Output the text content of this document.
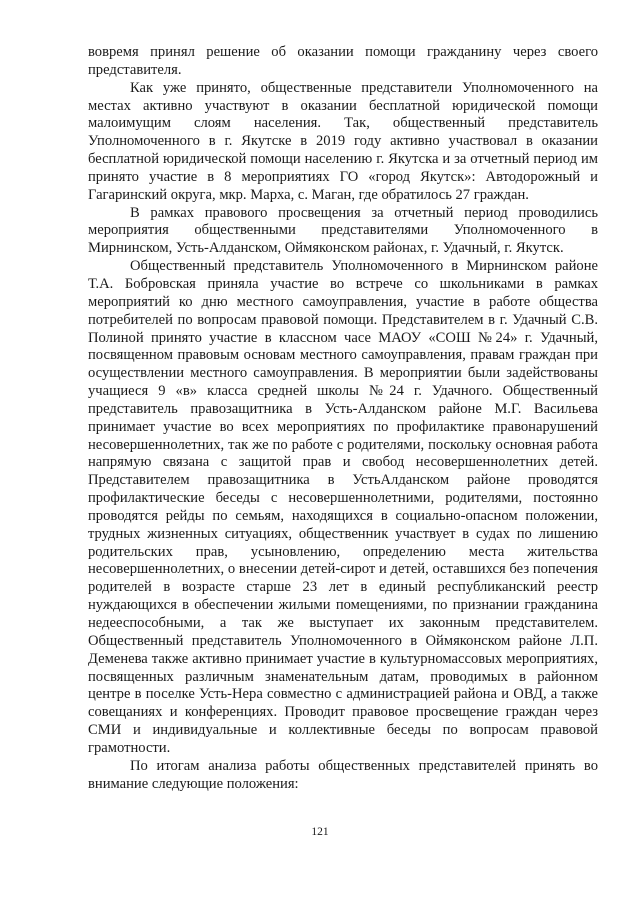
вовремя принял решение об оказании помощи гражданину через своего представителя.

Как уже принято, общественные представители Уполномоченного на местах активно участвуют в оказании бесплатной юридической помощи малоимущим слоям населения. Так, общественный представитель Уполномоченного в г. Якутске в 2019 году активно участвовал в оказании бесплатной юридической помощи населению г. Якутска и за отчетный период им принято участие в 8 мероприятиях ГО «город Якутск»: Автодорожный и Гагаринский округа, мкр. Марха, с. Маган, где обратилось 27 граждан.

В рамках правового просвещения за отчетный период проводились мероприятия общественными представителями Уполномоченного в Мирнинском, Усть-Алданском, Оймяконском районах, г. Удачный, г. Якутск.

Общественный представитель Уполномоченного в Мирнинском районе Т.А. Бобровская приняла участие во встрече со школьниками в рамках мероприятий ко дню местного самоуправления, участие в работе общества потребителей по вопросам правовой помощи. Представителем в г. Удачный С.В. Полиной принято участие в классном часе МАОУ «СОШ №24» г. Удачный, посвященном правовым основам местного самоуправления, правам граждан при осуществлении местного самоуправления. В мероприятии были задействованы учащиеся 9 «в» класса средней школы №24 г. Удачного. Общественный представитель правозащитника в Усть-Алданском районе М.Г. Васильева принимает участие во всех мероприятиях по профилактике правонарушений несовершеннолетних, так же по работе с родителями, поскольку основная работа напрямую связана с защитой прав и свобод несовершеннолетних детей. Представителем правозащитника в УстьАлданском районе проводятся профилактические беседы с несовершеннолетними, родителями, постоянно проводятся рейды по семьям, находящихся в социально-опасном положении, трудных жизненных ситуациях, общественник участвует в судах по лишению родительских прав, усыновлению, определению места жительства несовершеннолетних, о внесении детей-сирот и детей, оставшихся без попечения родителей в возрасте старше 23 лет в единый республиканский реестр нуждающихся в обеспечении жилыми помещениями, по признании гражданина недееспособными, а так же выступает их законным представителем. Общественный представитель Уполномоченного в Оймяконском районе Л.П. Деменева также активно принимает участие в культурномассовых мероприятиях, посвященных различным знаменательным датам, проводимых в районном центре в поселке Усть-Нера совместно с администрацией района и ОВД, а также совещаниях и конференциях. Проводит правовое просвещение граждан через СМИ и индивидуальные и коллективные беседы по вопросам правовой грамотности.

По итогам анализа работы общественных представителей принять во внимание следующие положения:

121
